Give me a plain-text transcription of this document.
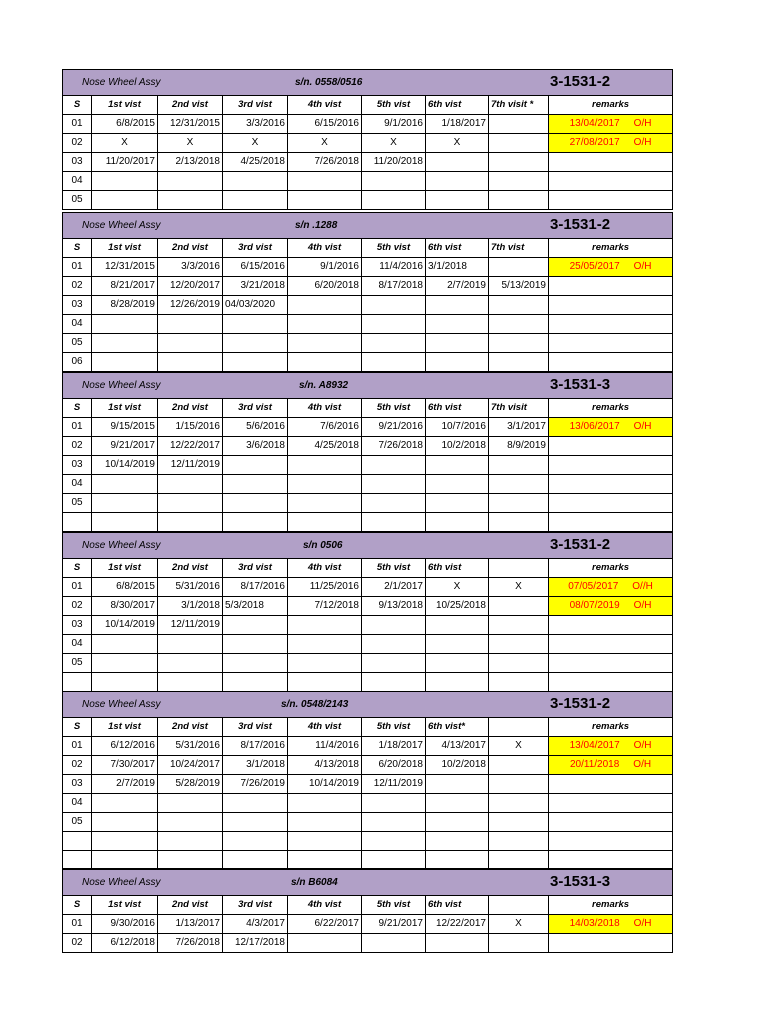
Nose Wheel Assy s/n. 0558/0516 3-1531-2								

S	1st vist	2nd vist	3rd vist	4th vist	5th vist	6th vist	7th visit *	remarks
01	6/8/2015	12/31/2015	3/3/2016	6/15/2016	9/1/2016	1/18/2017		13/04/2017 O/H
02	X	X	X	X	X	X		27/08/2017 O/H
03	11/20/2017	2/13/2018	4/25/2018	7/26/2018	11/20/2018			
04								
05								
Nose Wheel Assy s/n .1288 3-1531-2								

S	1st vist	2nd vist	3rd vist	4th vist	5th vist	6th vist	7th vist	remarks
01	12/31/2015	3/3/2016	6/15/2016	9/1/2016	11/4/2016	3/1/2018		25/05/2017 O/H
02	8/21/2017	12/20/2017	3/21/2018	6/20/2018	8/17/2018	2/7/2019	5/13/2019	
03	8/28/2019	12/26/2019	04/03/2020					
04								
05								
06								
Nose Wheel Assy s/n. A8932 3-1531-3								

S	1st vist	2nd vist	3rd vist	4th vist	5th vist	6th vist	7th visit	remarks
01	9/15/2015	1/15/2016	5/6/2016	7/6/2016	9/21/2016	10/7/2016	3/1/2017	13/06/2017 O/H
02	9/21/2017	12/22/2017	3/6/2018	4/25/2018	7/26/2018	10/2/2018	8/9/2019	
03	10/14/2019	12/11/2019						
04								
05								

Nose Wheel Assy s/n 0506 3-1531-2								

S	1st vist	2nd vist	3rd vist	4th vist	5th vist	6th vist		remarks
01	6/8/2015	5/31/2016	8/17/2016	11/25/2016	2/1/2017	X	X	07/05/2017 O//H
02	8/30/2017	3/1/2018	5/3/2018	7/12/2018	9/13/2018	10/25/2018		08/07/2019 O/H
03	10/14/2019	12/11/2019						
04								
05								

Nose Wheel Assy s/n. 0548/2143 3-1531-2								

S	1st vist	2nd vist	3rd vist	4th vist	5th vist	6th vist*		remarks
01	6/12/2016	5/31/2016	8/17/2016	11/4/2016	1/18/2017	4/13/2017	X	13/04/2017 O/H
02	7/30/2017	10/24/2017	3/1/2018	4/13/2018	6/20/2018	10/2/2018		20/11/2018 O/H
03	2/7/2019	5/28/2019	7/26/2019	10/14/2019	12/11/2019			
04								
05								

Nose Wheel Assy s/n B6084 3-1531-3								

S	1st vist	2nd vist	3rd vist	4th vist	5th vist	6th vist		remarks
01	9/30/2016	1/13/2017	4/3/2017	6/22/2017	9/21/2017	12/22/2017	X	14/03/2018 O/H
02	6/12/2018	7/26/2018	12/17/2018					
